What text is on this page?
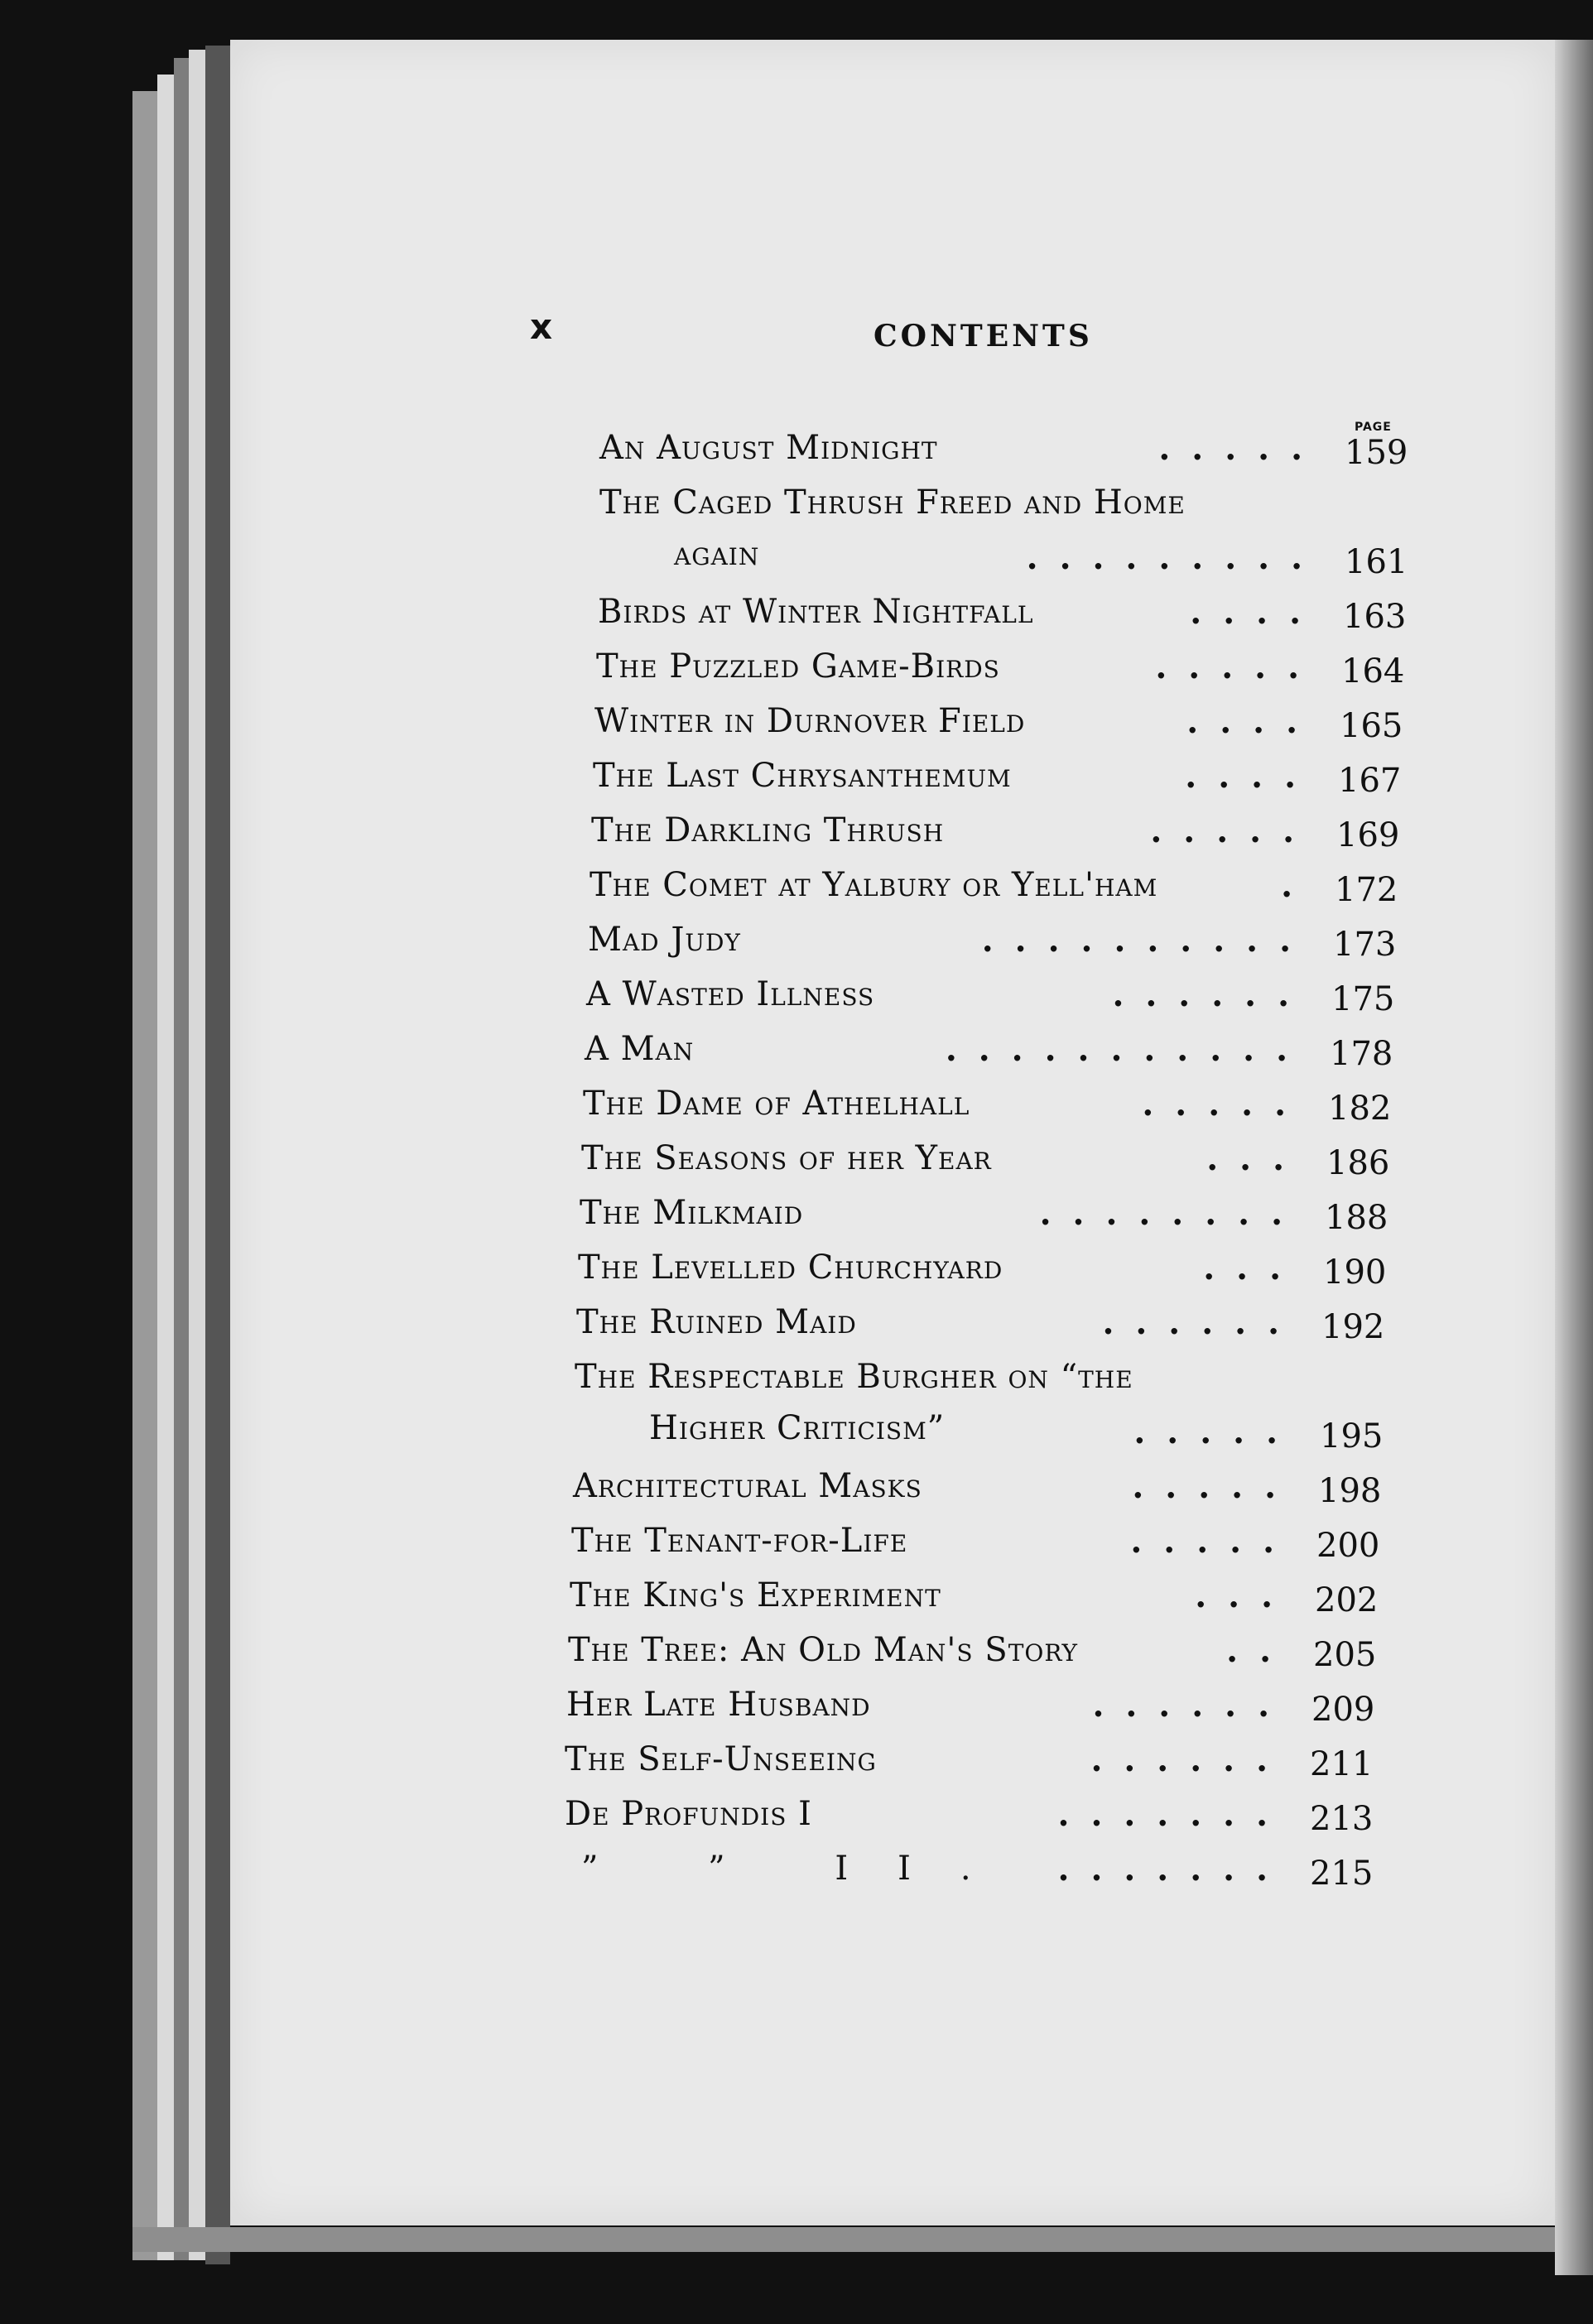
x	CONTENTS
PAGE
An August Midnight	..... 159
The Caged Thrush Freed and Home
again	......... 161
Birds at Winter Nightfall	.... 163
The Puzzled Game-Birds	..... 164
Winter in Durnover Field	.... 165
The Last Chrysanthemum	.... 167
The Darkling Thrush	..... 169
The Comet at Yalbury or Yell'ham	. 172
Mad Judy	.......... 173
A Wasted Illness	...... 175
A Man	........... 178
The Dame of Athelhall	..... 182
The Seasons of her Year	... 186
The Milkmaid	........ 188
The Levelled Churchyard	... 190
The Ruined Maid	...... 192
The Respectable Burgher on “the
Higher Criticism”	..... 195
Architectural Masks	..... 198
The Tenant-for-Life	..... 200
The King's Experiment	... 202
The Tree: An Old Man's Story	.. 205
Her Late Husband	...... 209
The Self-Unseeing	...... 211
De Profundis I	....... 213
” ” II. ....... 215
